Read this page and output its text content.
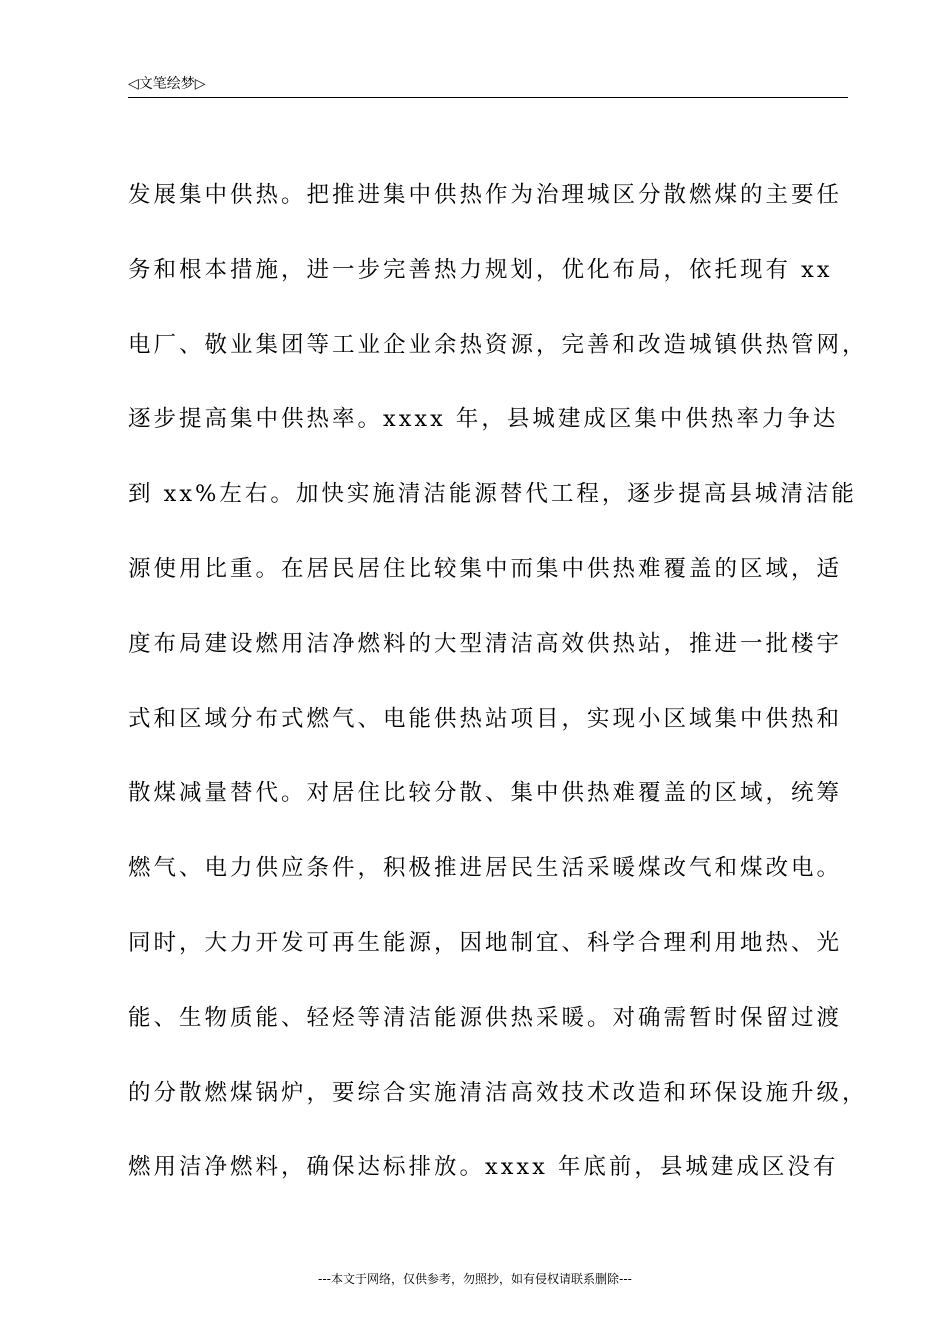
◁文笔绘梦▷
发展集中供热。把推进集中供热作为治理城区分散燃煤的主要任
务和根本措施，进一步完善热力规划，优化布局，依托现有 xx
电厂、敬业集团等工业企业余热资源，完善和改造城镇供热管网，
逐步提高集中供热率。xxxx 年，县城建成区集中供热率力争达
到 xx%左右。加快实施清洁能源替代工程，逐步提高县城清洁能
源使用比重。在居民居住比较集中而集中供热难覆盖的区域，适
度布局建设燃用洁净燃料的大型清洁高效供热站，推进一批楼宇
式和区域分布式燃气、电能供热站项目，实现小区域集中供热和
散煤减量替代。对居住比较分散、集中供热难覆盖的区域，统筹
燃气、电力供应条件，积极推进居民生活采暖煤改气和煤改电。
同时，大力开发可再生能源，因地制宜、科学合理利用地热、光
能、生物质能、轻烃等清洁能源供热采暖。对确需暂时保留过渡
的分散燃煤锅炉，要综合实施清洁高效技术改造和环保设施升级，
燃用洁净燃料，确保达标排放。xxxx 年底前，县城建成区没有
---本文于网络，仅供参考，勿照抄，如有侵权请联系删除---
